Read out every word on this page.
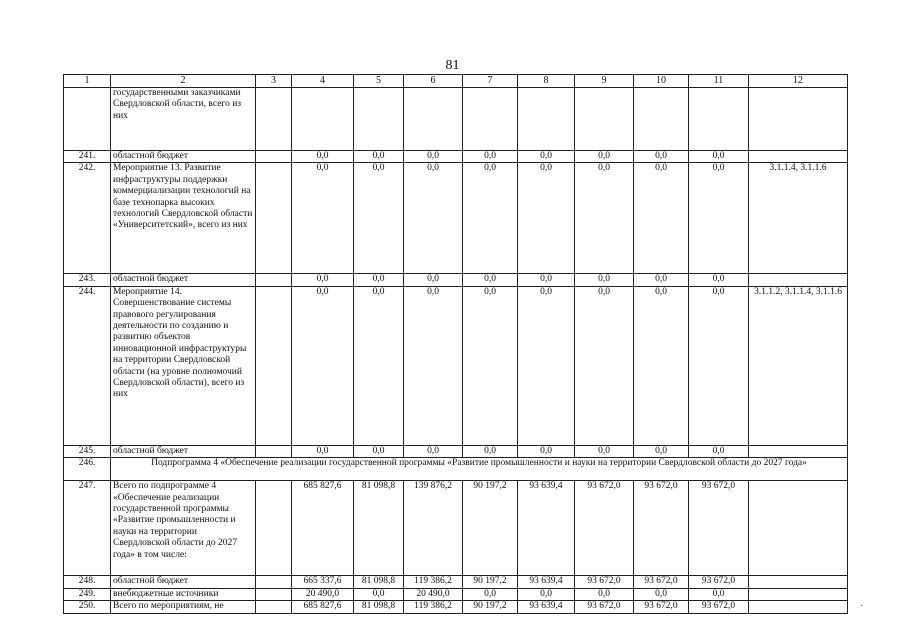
81
1	2	3	4	5	6	7	8	9	10	11	12
	государственными заказчиками Свердловской области, всего из них										
241.	областной бюджет		0,0	0,0	0,0	0,0	0,0	0,0	0,0	0,0	
242.	Мероприятие 13. Развитие инфраструктуры поддержки коммерциализации технологий на базе технопарка высоких технологий Свердловской области «Университетский», всего из них		0,0	0,0	0,0	0,0	0,0	0,0	0,0	0,0	3.1.1.4, 3.1.1.6
243.	областной бюджет		0,0	0,0	0,0	0,0	0,0	0,0	0,0	0,0	
244.	Мероприятие 14. Совершенствование системы правового регулирования деятельности по созданию и развитию объектов инновационной инфраструктуры на территории Свердловской области (на уровне полномочий Свердловской области), всего из них		0,0	0,0	0,0	0,0	0,0	0,0	0,0	0,0	3.1.1.2, 3.1.1.4, 3.1.1.6
245.	областной бюджет		0,0	0,0	0,0	0,0	0,0	0,0	0,0	0,0	
246.	Подпрограмма 4 «Обеспечение реализации государственной программы «Развитие промышленности и науки на территории Свердловской области до 2027 года»										
247.	Всего по подпрограмме 4 «Обеспечение реализации государственной программы «Развитие промышленности и науки на территории Свердловской области до 2027 года» в том числе:		685 827,6	81 098,8	139 876,2	90 197,2	93 639,4	93 672,0	93 672,0	93 672,0	
248.	областной бюджет		665 337,6	81 098,8	119 386,2	90 197,2	93 639,4	93 672,0	93 672,0	93 672,0	
249.	внебюджетные источники		20 490,0	0,0	20 490,0	0,0	0,0	0,0	0,0	0,0	
250.	Всего по мероприятиям, не		685 827,6	81 098,8	119 386,2	90 197,2	93 639,4	93 672,0	93 672,0	93 672,0	
